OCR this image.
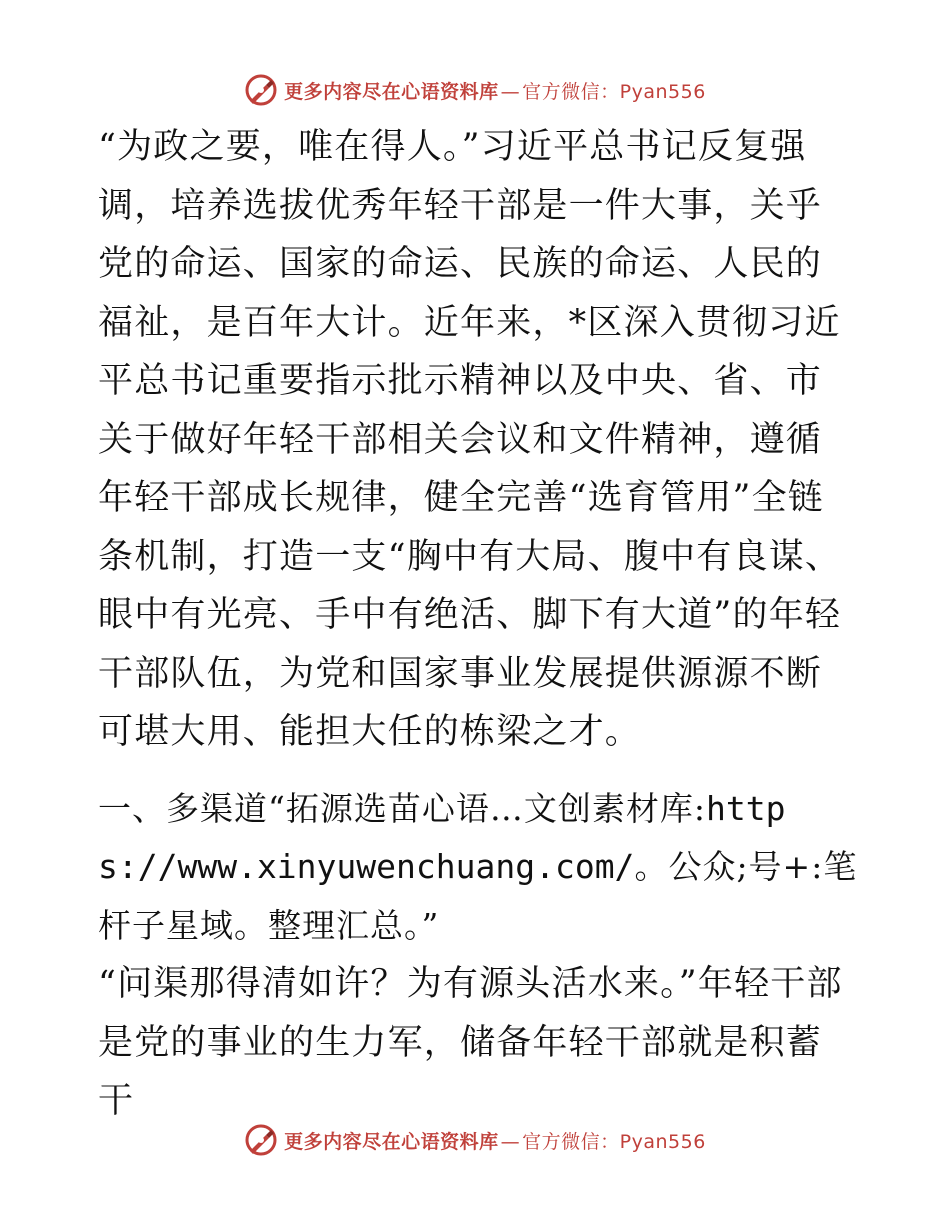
更多内容尽在心语资料库 — 官方微信：Pyan556

“为政之要，唯在得人。”习近平总书记反复强调，培养选拔优秀年轻干部是一件大事，关乎党的命运、国家的命运、民族的命运、人民的福祉，是百年大计。近年来，*区深入贯彻习近平总书记重要指示批示精神以及中央、省、市关于做好年轻干部相关会议和文件精神，遵循年轻干部成长规律，健全完善“选育管用”全链条机制，打造一支“胸中有大局、腹中有良谋、眼中有光亮、手中有绝活、脚下有大道”的年轻干部队伍，为党和国家事业发展提供源源不断可堪大用、能担大任的栋梁之才。

一、多渠道“拓源选苗心语…文创素材库:https://www.xinyuwenchuang.com/。公众;号+:笔杆子星域。整理汇总。”

“问渠那得清如许？为有源头活水来。”年轻干部是党的事业的生力军，储备年轻干部就是积蓄干

更多内容尽在心语资料库 — 官方微信：Pyan556
